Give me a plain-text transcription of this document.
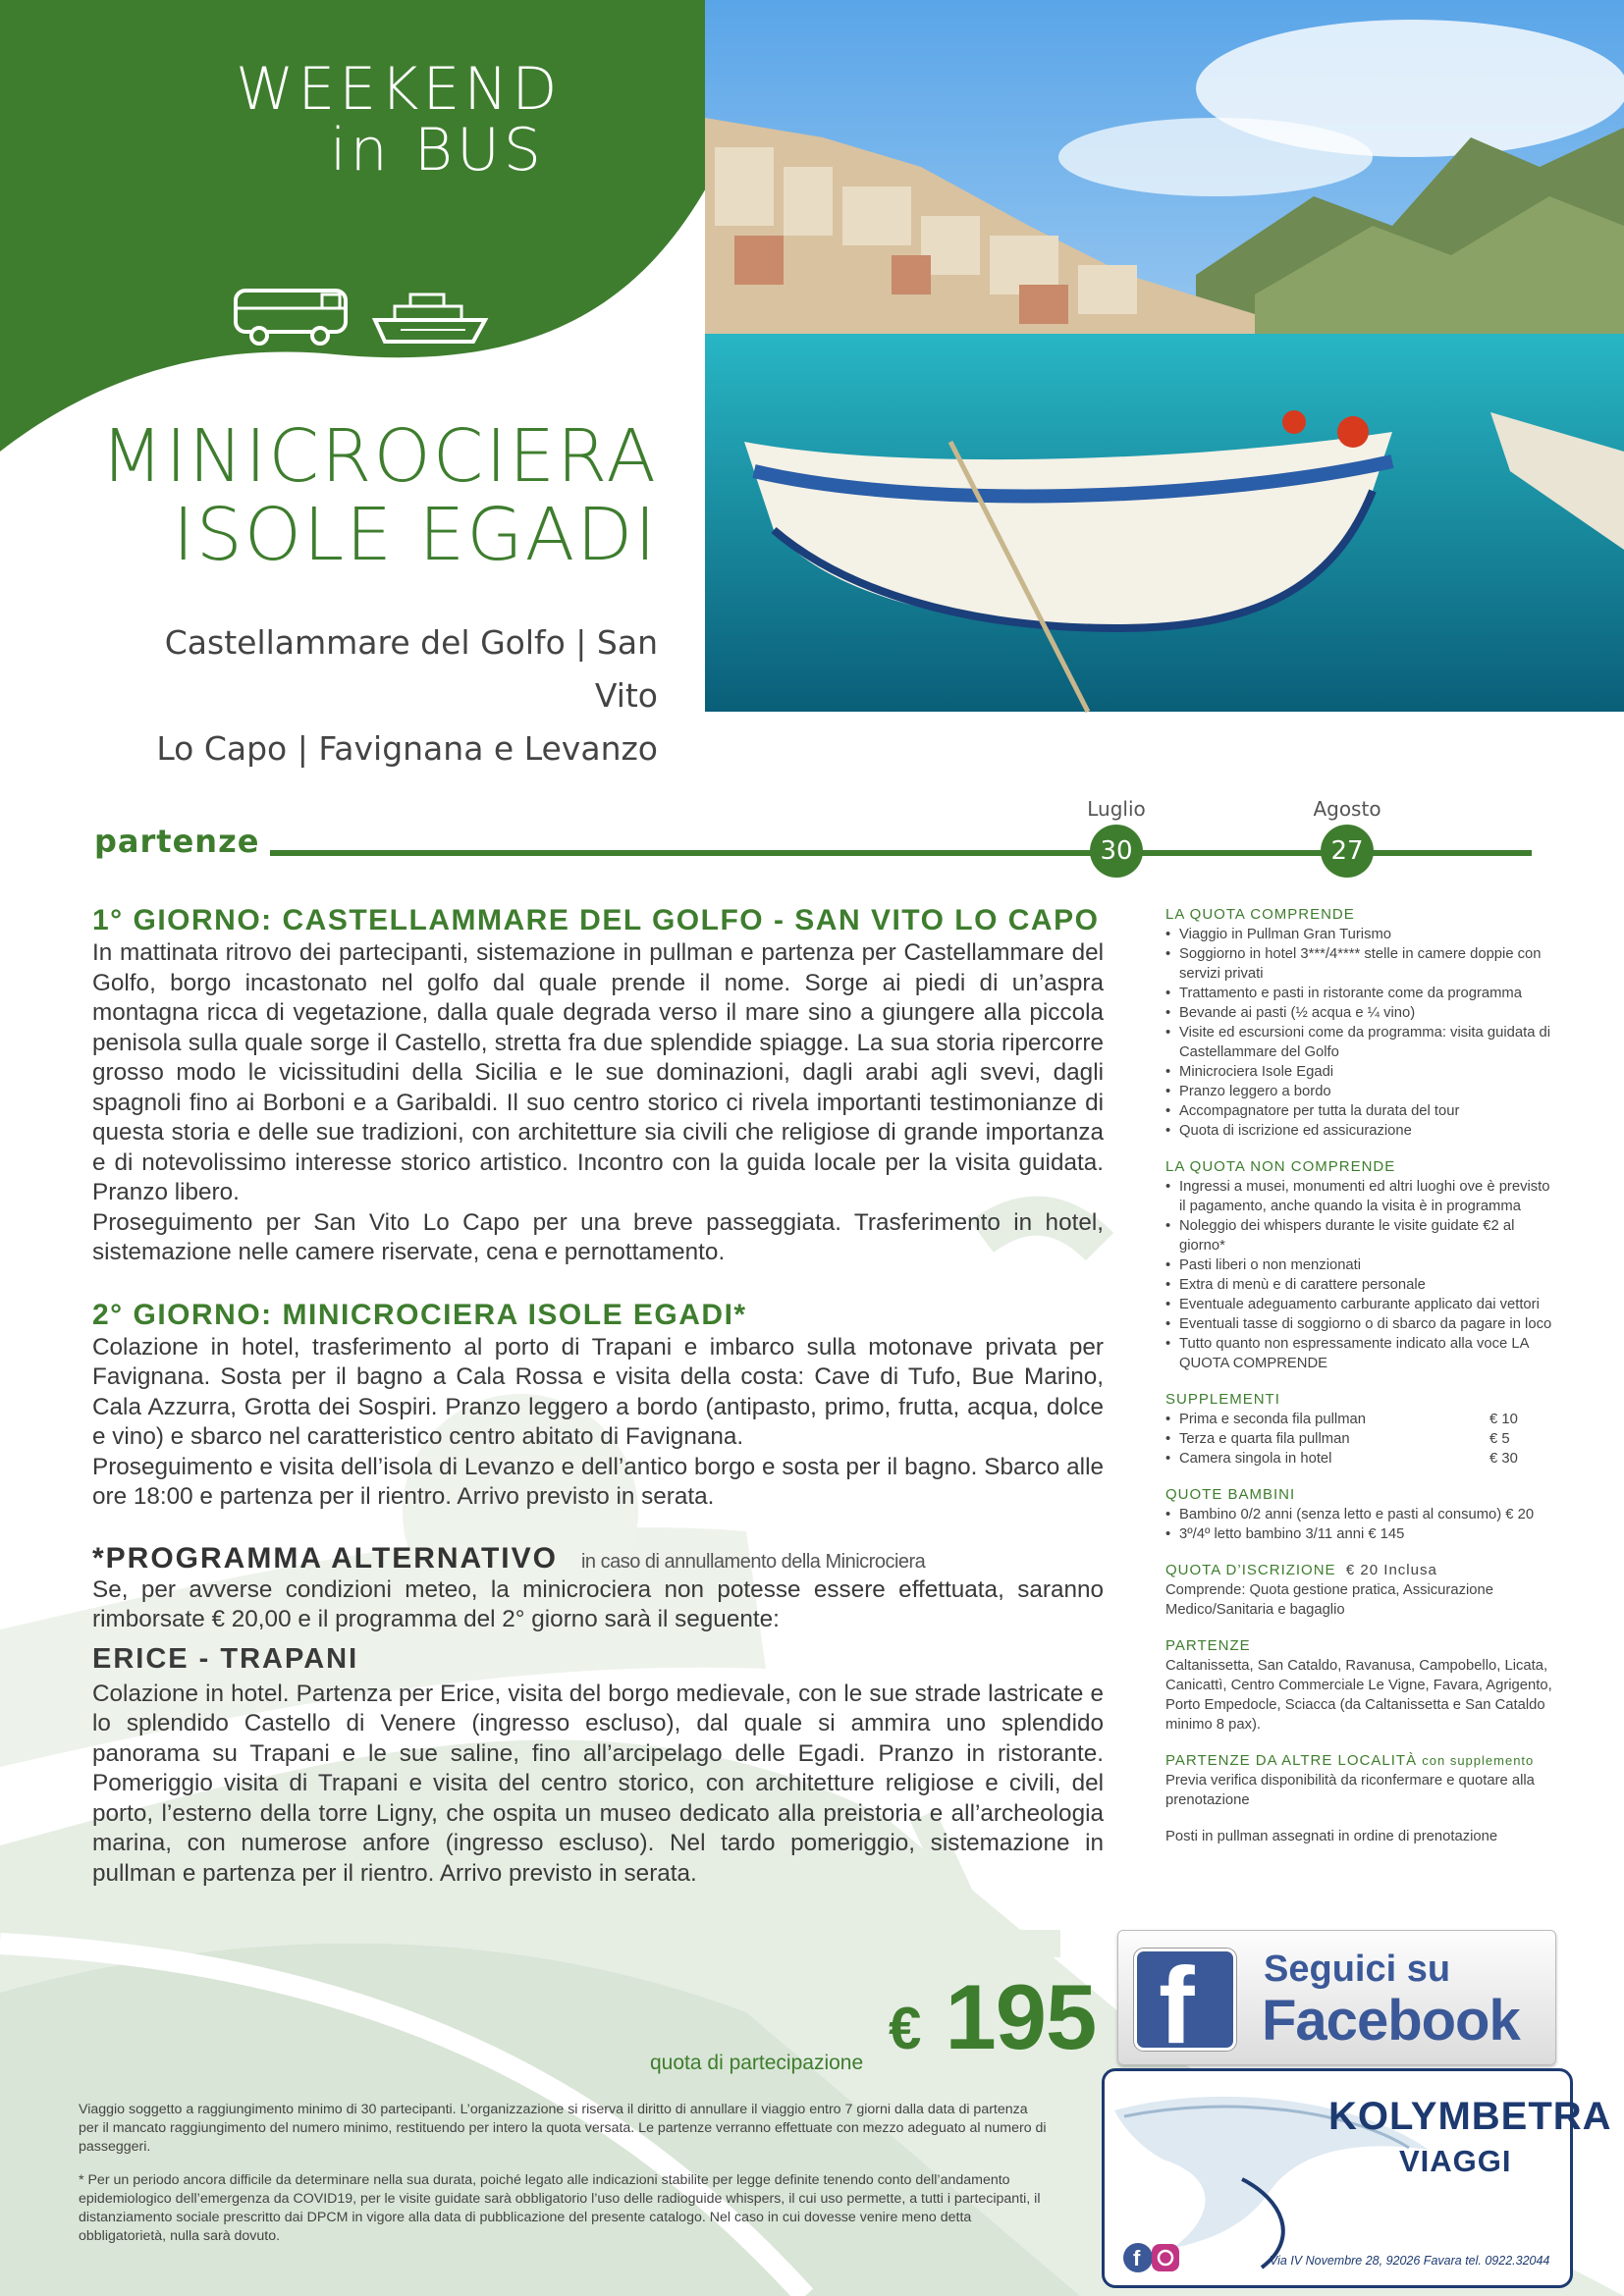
WEEKEND
in BUS
MINICROCIERA
ISOLE EGADI
Castellammare del Golfo | San Vito
Lo Capo | Favignana e Levanzo
partenze
Luglio
30
Agosto
27
1° GIORNO: CASTELLAMMARE DEL GOLFO - SAN VITO LO CAPO

In mattinata ritrovo dei partecipanti, sistemazione in pullman e partenza per Castellammare del Golfo, borgo incastonato nel golfo dal quale prende il nome. Sorge ai piedi di un’aspra montagna ricca di vegetazione, dalla quale degrada verso il mare sino a giungere alla piccola penisola sulla quale sorge il Castello, stretta fra due splendide spiagge. La sua storia ripercorre grosso modo le vicissitudini della Sicilia e le sue dominazioni, dagli arabi agli svevi, dagli spagnoli fino ai Borboni e a Garibaldi. Il suo centro storico ci rivela importanti testimonianze di questa storia e delle sue tradizioni, con architetture sia civili che religiose di grande importanza e di notevolissimo interesse storico artistico. Incontro con la guida locale per la visita guidata. Pranzo libero.

Proseguimento per San Vito Lo Capo per una breve passeggiata. Trasferimento in hotel, sistemazione nelle camere riservate, cena e pernottamento.

2° GIORNO: MINICROCIERA ISOLE EGADI*

Colazione in hotel, trasferimento al porto di Trapani e imbarco sulla motonave privata per Favignana. Sosta per il bagno a Cala Rossa e visita della costa: Cave di Tufo, Bue Marino, Cala Azzurra, Grotta dei Sospiri. Pranzo leggero a bordo (antipasto, primo, frutta, acqua, dolce e vino) e sbarco nel caratteristico centro abitato di Favignana.

Proseguimento e visita dell’isola di Levanzo e dell’antico borgo e sosta per il bagno. Sbarco alle ore 18:00 e partenza per il rientro. Arrivo previsto in serata.

*PROGRAMMA ALTERNATIVO in caso di annullamento della Minicrociera

Se, per avverse condizioni meteo, la minicrociera non potesse essere effettuata, saranno rimborsate € 20,00 e il programma del 2° giorno sarà il seguente:

ERICE - TRAPANI

Colazione in hotel. Partenza per Erice, visita del borgo medievale, con le sue strade lastricate e lo splendido Castello di Venere (ingresso escluso), dal quale si ammira uno splendido panorama su Trapani e le sue saline, fino all’arcipelago delle Egadi. Pranzo in ristorante. Pomeriggio visita di Trapani e visita del centro storico, con architetture religiose e civili, del porto, l’esterno della torre Ligny, che ospita un museo dedicato alla preistoria e all’archeologia marina, con numerose anfore (ingresso escluso). Nel tardo pomeriggio, sistemazione in pullman e partenza per il rientro. Arrivo previsto in serata.

LA QUOTA COMPRENDE
• Viaggio in Pullman Gran Turismo
• Soggiorno in hotel 3***/4**** stelle in camere doppie con servizi privati
• Trattamento e pasti in ristorante come da programma
• Bevande ai pasti (½ acqua e ¼ vino)
• Visite ed escursioni come da programma: visita guidata di Castellammare del Golfo
• Minicrociera Isole Egadi
• Pranzo leggero a bordo
• Accompagnatore per tutta la durata del tour
• Quota di iscrizione ed assicurazione
LA QUOTA NON COMPRENDE
• Ingressi a musei, monumenti ed altri luoghi ove è previsto il pagamento, anche quando la visita è in programma
• Noleggio dei whispers durante le visite guidate €2 al giorno*
• Pasti liberi o non menzionati
• Extra di menù e di carattere personale
• Eventuale adeguamento carburante applicato dai vettori
• Eventuali tasse di soggiorno o di sbarco da pagare in loco
• Tutto quanto non espressamente indicato alla voce LA QUOTA COMPRENDE
SUPPLEMENTI
• Prima e seconda fila pullman	€ 10
• Terza e quarta fila pullman	€ 5
• Camera singola in hotel	€ 30
QUOTE BAMBINI
• Bambino 0/2 anni (senza letto e pasti al consumo) € 20
• 3º/4º letto bambino 3/11 anni € 145
QUOTA D’ISCRIZIONE € 20 Inclusa

Comprende: Quota gestione pratica, Assicurazione Medico/Sanitaria e bagaglio

PARTENZE

Caltanissetta, San Cataldo, Ravanusa, Campobello, Licata, Canicattì, Centro Commerciale Le Vigne, Favara, Agrigento, Porto Empedocle, Sciacca (da Caltanissetta e San Cataldo minimo 8 pax).

PARTENZE DA ALTRE LOCALITÀ con supplemento

Previa verifica disponibilità da riconfermare e quotare alla prenotazione

Posti in pullman assegnati in ordine di prenotazione

€ 195
quota di partecipazione
Viaggio soggetto a raggiungimento minimo di 30 partecipanti. L’organizzazione si riserva il diritto di annullare il viaggio entro 7 giorni dalla data di partenza per il mancato raggiungimento del numero minimo, restituendo per intero la quota versata. Le partenze verranno effettuate con mezzo adeguato al numero di passeggeri.
* Per un periodo ancora difficile da determinare nella sua durata, poiché legato alle indicazioni stabilite per legge definite tenendo conto dell’andamento epidemiologico dell’emergenza da COVID19, per le visite guidate sarà obbligatorio l’uso delle radioguide whispers, il cui uso permette, a tutti i partecipanti, il distanziamento sociale prescritto dai DPCM in vigore alla data di pubblicazione del presente catalogo. Nel caso in cui dovesse venire meno detta obbligatorietà, nulla sarà dovuto.
f Seguici su
Facebook
KOLYMBETRA
VIAGGI
f	Via IV Novembre 28, 92026 Favara tel. 0922.32044
